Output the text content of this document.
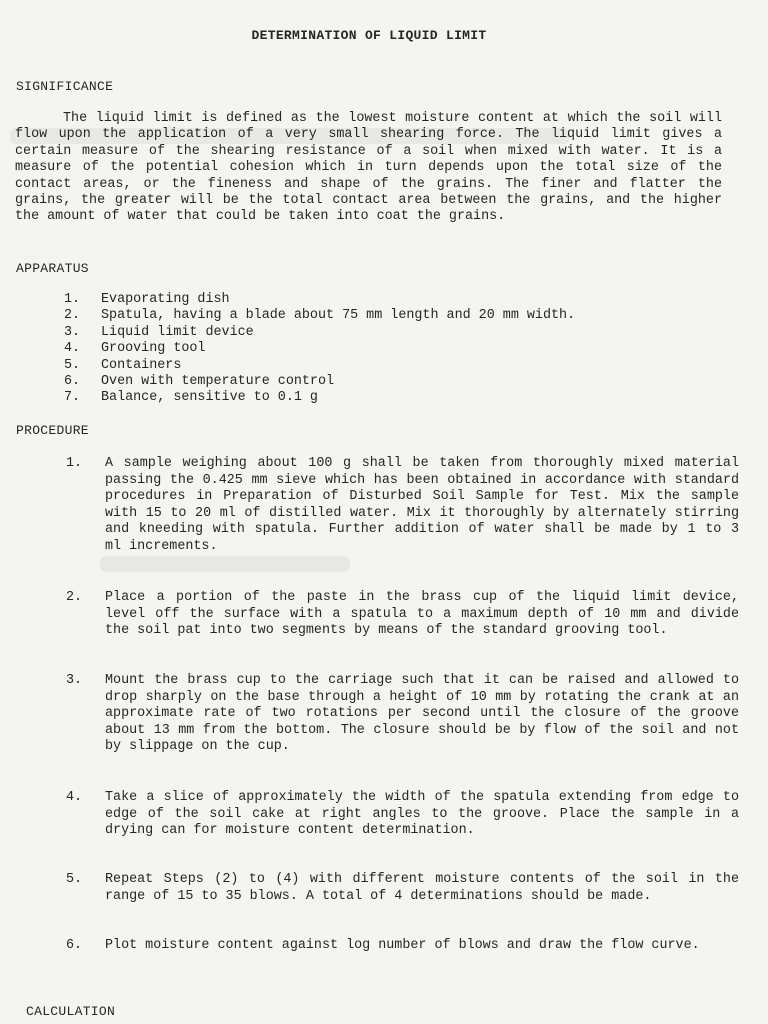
DETERMINATION OF LIQUID LIMIT
SIGNIFICANCE

The liquid limit is defined as the lowest moisture content at which the soil will flow upon the application of a very small shearing force. The liquid limit gives a certain measure of the shearing resistance of a soil when mixed with water. It is a measure of the potential cohesion which in turn depends upon the total size of the contact areas, or the fineness and shape of the grains. The finer and flatter the grains, the greater will be the total contact area between the grains, and the higher the amount of water that could be taken into coat the grains.

APPARATUS
1.	Evaporating dish
2.	Spatula, having a blade about 75 mm length and 20 mm width.
3.	Liquid limit device
4.	Grooving tool
5.	Containers
6.	Oven with temperature control
7.	Balance, sensitive to 0.1 g
PROCEDURE
1.	A sample weighing about 100 g shall be taken from thoroughly mixed material passing the 0.425 mm sieve which has been obtained in accordance with standard procedures in Preparation of Disturbed Soil Sample for Test. Mix the sample with 15 to 20 ml of distilled water. Mix it thoroughly by alternately stirring and kneeding with spatula. Further addition of water shall be made by 1 to 3 ml increments.
2.	Place a portion of the paste in the brass cup of the liquid limit device, level off the surface with a spatula to a maximum depth of 10 mm and divide the soil pat into two segments by means of the standard grooving tool.
3.	Mount the brass cup to the carriage such that it can be raised and allowed to drop sharply on the base through a height of 10 mm by rotating the crank at an approximate rate of two rotations per second until the closure of the groove about 13 mm from the bottom. The closure should be by flow of the soil and not by slippage on the cup.
4.	Take a slice of approximately the width of the spatula extending from edge to edge of the soil cake at right angles to the groove. Place the sample in a drying can for moisture content determination.
5.	Repeat Steps (2) to (4) with different moisture contents of the soil in the range of 15 to 35 blows. A total of 4 determinations should be made.
6.	Plot moisture content against log number of blows and draw the flow curve.
CALCULATION
